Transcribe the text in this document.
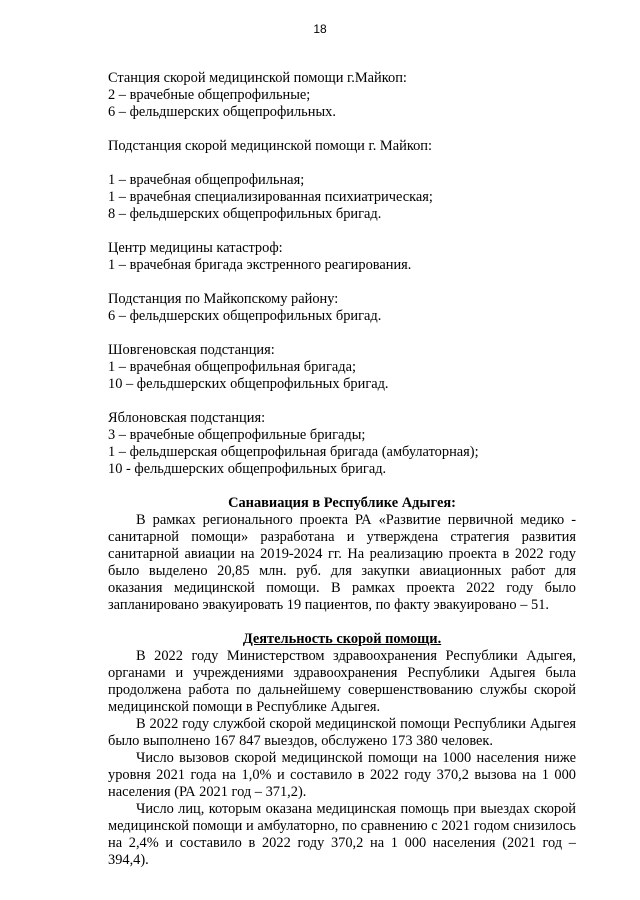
18

Станция скорой медицинской помощи г.Майкоп:

2 – врачебные общепрофильные;

6 – фельдшерских общепрофильных.

Подстанция скорой медицинской помощи г. Майкоп:

1 – врачебная общепрофильная;

1 – врачебная специализированная психиатрическая;

8 – фельдшерских общепрофильных бригад.

Центр медицины катастроф:

1 – врачебная бригада экстренного реагирования.

Подстанция по Майкопскому району:

6 – фельдшерских общепрофильных бригад.

Шовгеновская подстанция:

1 – врачебная общепрофильная бригада;

10 – фельдшерских общепрофильных бригад.

Яблоновская подстанция:

3 – врачебные общепрофильные бригады;

1 – фельдшерская общепрофильная бригада (амбулаторная);

10 - фельдшерских общепрофильных бригад.

Санавиация в Республике Адыгея:

В рамках регионального проекта РА «Развитие первичной медико - санитарной помощи» разработана и утверждена стратегия развития санитарной авиации на 2019-2024 гг. На реализацию проекта в 2022 году было выделено 20,85 млн. руб. для закупки авиационных работ для оказания медицинской помощи. В рамках проекта 2022 году было запланировано эвакуировать 19 пациентов, по факту эвакуировано – 51.

Деятельность скорой помощи.

В 2022 году Министерством здравоохранения Республики Адыгея, органами и учреждениями здравоохранения Республики Адыгея была продолжена работа по дальнейшему совершенствованию службы скорой медицинской помощи в Республике Адыгея.

В 2022 году службой скорой медицинской помощи Республики Адыгея было выполнено 167 847 выездов, обслужено 173 380 человек.

Число вызовов скорой медицинской помощи на 1000 населения ниже уровня 2021 года на 1,0% и составило в 2022 году 370,2 вызова на 1 000 населения (РА 2021 год – 371,2).

Число лиц, которым оказана медицинская помощь при выездах скорой медицинской помощи и амбулаторно, по сравнению с 2021 годом снизилось на 2,4% и составило в 2022 году 370,2 на 1 000 населения (2021 год – 394,4).
